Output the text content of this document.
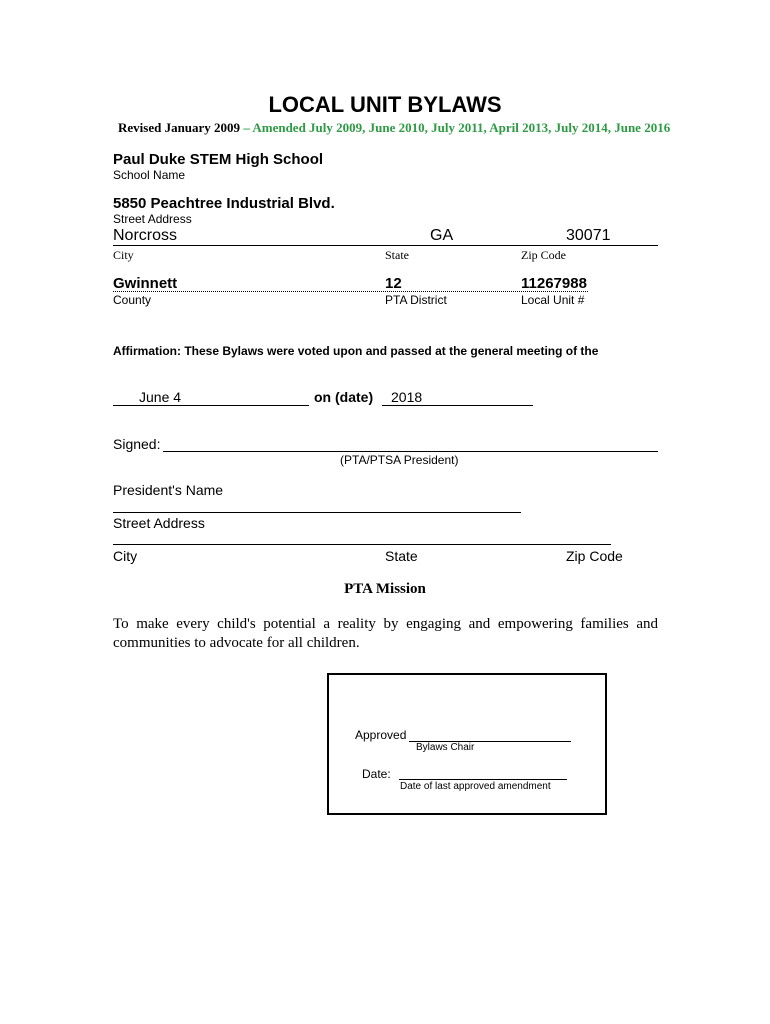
LOCAL UNIT BYLAWS
Revised January 2009 – Amended July 2009, June 2010, July 2011, April 2013, July 2014, June 2016
Paul Duke STEM High School
School Name
5850 Peachtree Industrial Blvd.
Street Address
Norcross	GA	30071
City	State	Zip Code
Gwinnett	12	11267988
County	PTA District	Local Unit #
Affirmation: These Bylaws were voted upon and passed at the general meeting of the
June 4	on (date) 2018
Signed:
(PTA/PTSA President)
President's Name
Street Address
City	State	Zip Code
PTA Mission
To make every child's potential a reality by engaging and empowering families and communities to advocate for all children.
Approved
Bylaws Chair
Date:
Date of last approved amendment
